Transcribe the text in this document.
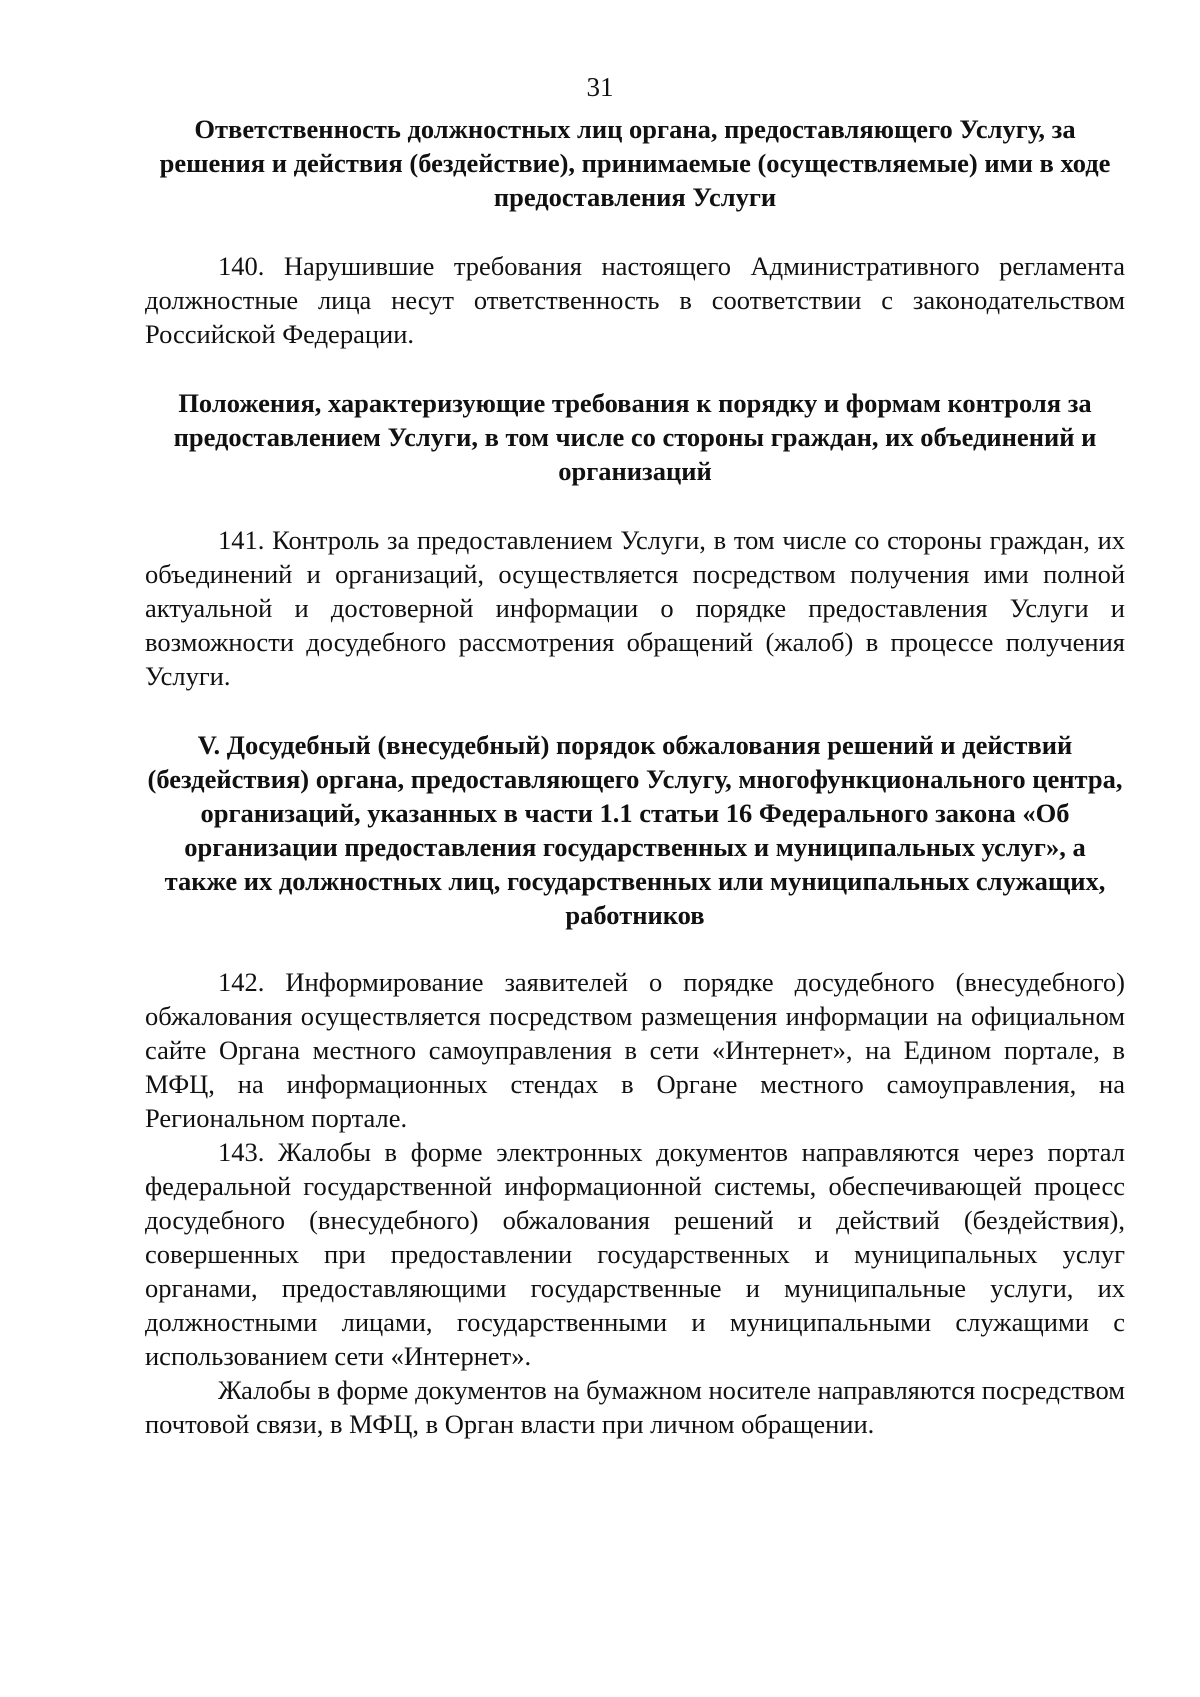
31

Ответственность должностных лиц органа, предоставляющего Услугу, за решения и действия (бездействие), принимаемые (осуществляемые) ими в ходе предоставления Услуги

140. Нарушившие требования настоящего Административного регламента должностные лица несут ответственность в соответствии с законодательством Российской Федерации.

Положения, характеризующие требования к порядку и формам контроля за предоставлением Услуги, в том числе со стороны граждан, их объединений и организаций

141. Контроль за предоставлением Услуги, в том числе со стороны граждан, их объединений и организаций, осуществляется посредством получения ими полной актуальной и достоверной информации о порядке предоставления Услуги и возможности досудебного рассмотрения обращений (жалоб) в процессе получения Услуги.

V. Досудебный (внесудебный) порядок обжалования решений и действий (бездействия) органа, предоставляющего Услугу, многофункционального центра, организаций, указанных в части 1.1 статьи 16 Федерального закона «Об организации предоставления государственных и муниципальных услуг», а также их должностных лиц, государственных или муниципальных служащих, работников

142. Информирование заявителей о порядке досудебного (внесудебного) обжалования осуществляется посредством размещения информации на официальном сайте Органа местного самоуправления в сети «Интернет», на Едином портале, в МФЦ, на информационных стендах в Органе местного самоуправления, на Региональном портале.

143. Жалобы в форме электронных документов направляются через портал федеральной государственной информационной системы, обеспечивающей процесс досудебного (внесудебного) обжалования решений и действий (бездействия), совершенных при предоставлении государственных и муниципальных услуг органами, предоставляющими государственные и муниципальные услуги, их должностными лицами, государственными и муниципальными служащими с использованием сети «Интернет».

Жалобы в форме документов на бумажном носителе направляются посредством почтовой связи, в МФЦ, в Орган власти при личном обращении.
